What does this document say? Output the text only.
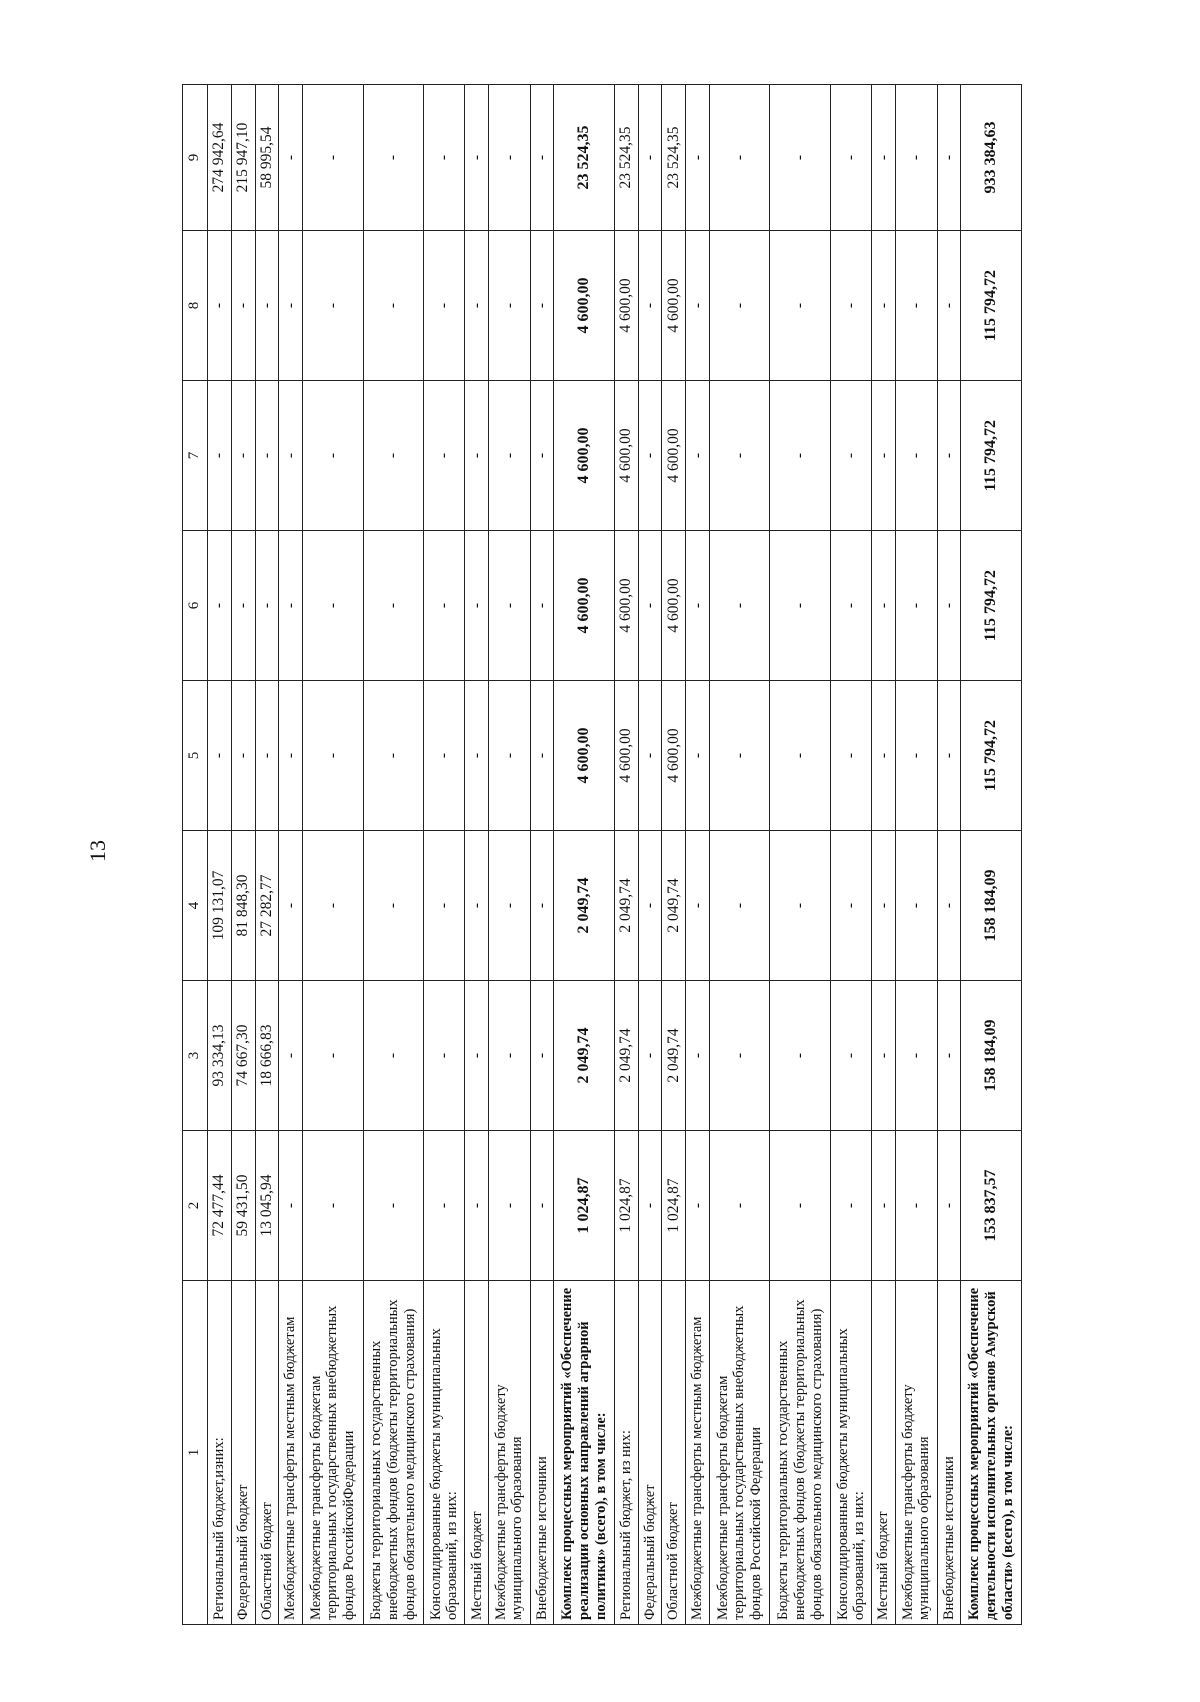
13
1	2	3	4	5	6	7	8	9
Региональный бюджет,изних:	72 477,44	93 334,13	109 131,07	-	-	-	-	274 942,64
Федеральный бюджет	59 431,50	74 667,30	81 848,30	-	-	-	-	215 947,10
Областной бюджет	13 045,94	18 666,83	27 282,77	-	-	-	-	58 995,54
Межбюджетные трансферты местным бюджетам	-	-	-	-	-	-	-	-
Межбюджетные трансферты бюджетам территориальных государственных внебюджетных фондов РоссийскойФедерации	-	-	-	-	-	-	-	-
Бюджеты территориальных государственных внебюджетных фондов (бюджеты территориальных фондов обязательного медицинского страхования)	-	-	-	-	-	-	-	-
Консолидированные бюджеты муниципальных образований, из них:	-	-	-	-	-	-	-	-
Местный бюджет	-	-	-	-	-	-	-	-
Межбюджетные трансферты бюджету муниципального образования	-	-	-	-	-	-	-	-
Внебюджетные источники	-	-	-	-	-	-	-	-
Комплекс процессных мероприятий «Обеспечение реализации основных направлений аграрной политики» (всего), в том числе:	1 024,87	2 049,74	2 049,74	4 600,00	4 600,00	4 600,00	4 600,00	23 524,35
Региональный бюджет, из них:	1 024,87	2 049,74	2 049,74	4 600,00	4 600,00	4 600,00	4 600,00	23 524,35
Федеральный бюджет	-	-	-	-	-	-	-	-
Областной бюджет	1 024,87	2 049,74	2 049,74	4 600,00	4 600,00	4 600,00	4 600,00	23 524,35
Межбюджетные трансферты местным бюджетам	-	-	-	-	-	-	-	-
Межбюджетные трансферты бюджетам территориальных государственных внебюджетных фондов Российской Федерации	-	-	-	-	-	-	-	-
Бюджеты территориальных государственных внебюджетных фондов (бюджеты территориальных фондов обязательного медицинского страхования)	-	-	-	-	-	-	-	-
Консолидированные бюджеты муниципальных образований, из них:	-	-	-	-	-	-	-	-
Местный бюджет	-	-	-	-	-	-	-	-
Межбюджетные трансферты бюджету муниципального образования	-	-	-	-	-	-	-	-
Внебюджетные источники	-	-	-	-	-	-	-	-
Комплекс процессных мероприятий «Обеспечение деятельности исполнительных органов Амурской области» (всего), в том числе:	153 837,57	158 184,09	158 184,09	115 794,72	115 794,72	115 794,72	115 794,72	933 384,63
